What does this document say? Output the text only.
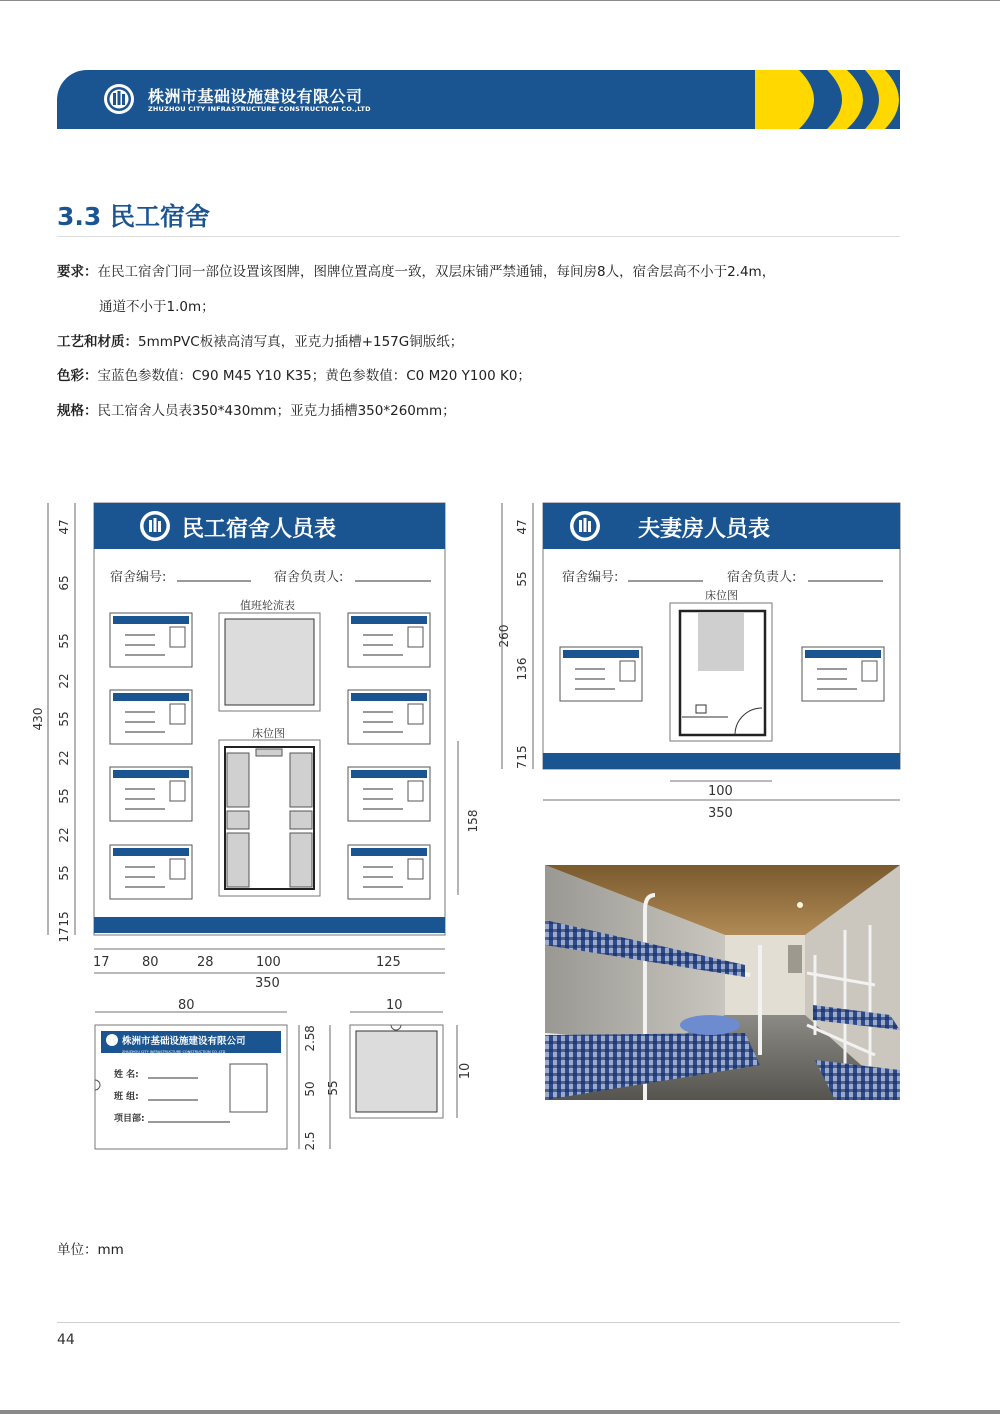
株洲市基础设施建设有限公司
ZHUZHOU CITY INFRASTRUCTURE CONSTRUCTION CO.,LTD
3.3 民工宿舍
要求：在民工宿舍门同一部位设置该图牌，图牌位置高度一致，双层床铺严禁通铺，每间房8人，宿舍层高不小于2.4m，
通道不小于1.0m；
工艺和材质：5mmPVC板裱高清写真，亚克力插槽+157G铜版纸；
色彩：宝蓝色参数值：C90 M45 Y10 K35；黄色参数值：C0 M20 Y100 K0；
规格：民工宿舍人员表350*430mm；亚克力插槽350*260mm；
民工宿舍人员表
宿舍编号:	宿舍负责人:
值班轮流表
床位图
47
65
55
22
55
22
55
22
55
15
17
430
158
17 80	28	100	125
350
夫妻房人员表
宿舍编号:	宿舍负责人:
床位图
47
55
136
15
7
260
100
350
80
株洲市基础设施建设有限公司
ZHUZHOU CITY INFRASTRUCTURE CONSTRUCTION CO.,LTD
姓 名:
班 组:
项目部:
8
2.5
50
2.5
55
10
10
单位：mm
44
